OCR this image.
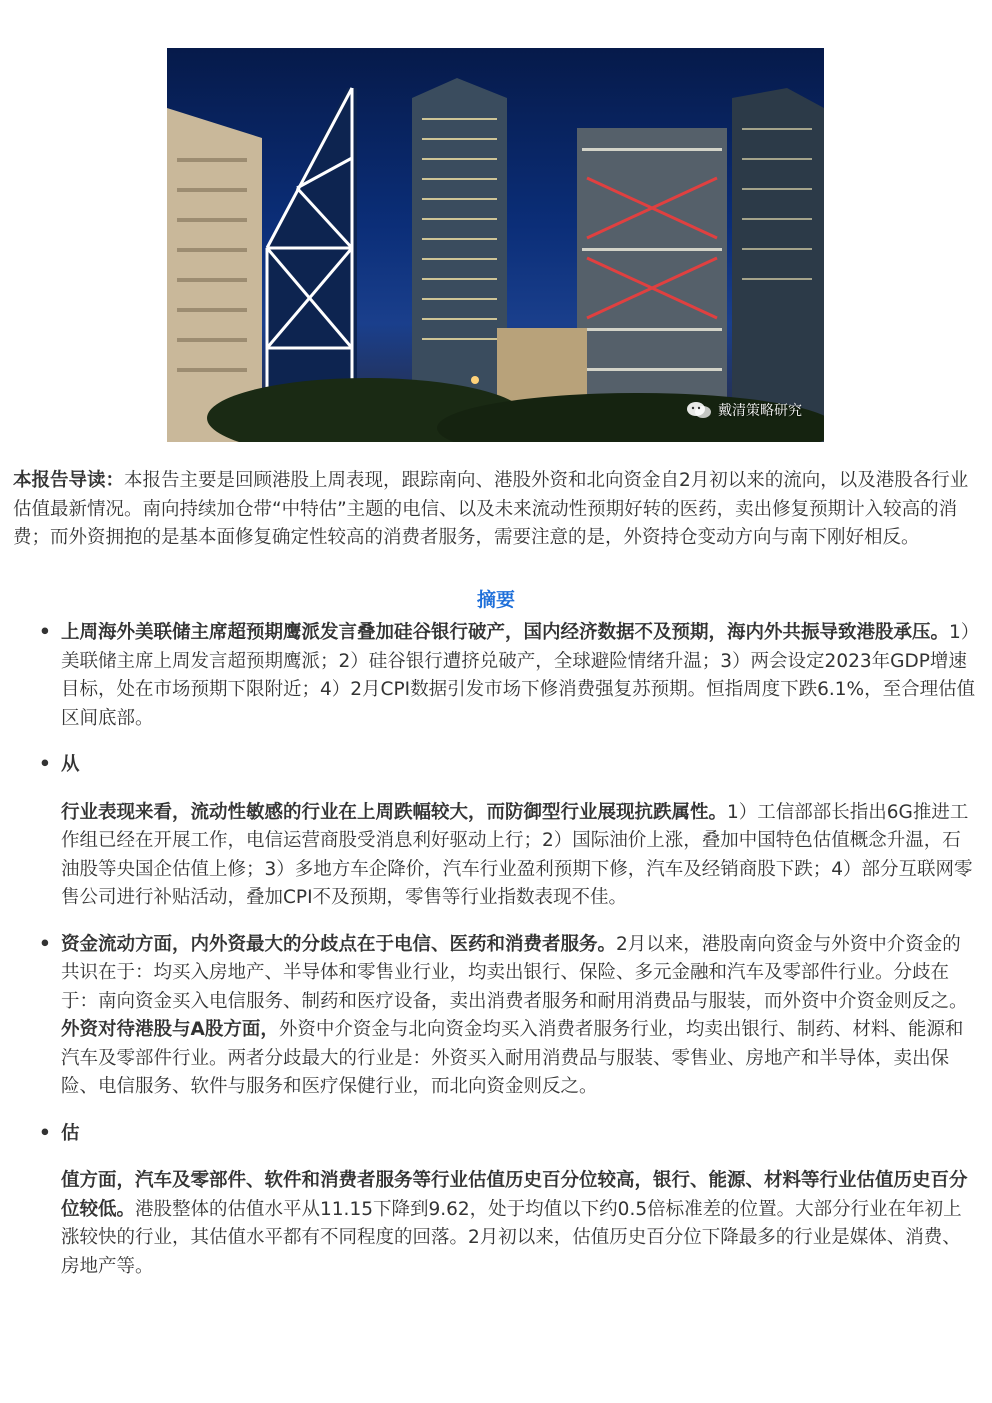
戴清策略研究

本报告导读：本报告主要是回顾港股上周表现，跟踪南向、港股外资和北向资金自2月初以来的流向，以及港股各行业估值最新情况。南向持续加仓带“中特估”主题的电信、以及未来流动性预期好转的医药，卖出修复预期计入较高的消费；而外资拥抱的是基本面修复确定性较高的消费者服务，需要注意的是，外资持仓变动方向与南下刚好相反。

摘要
• 上周海外美联储主席超预期鹰派发言叠加硅谷银行破产，国内经济数据不及预期，海内外共振导致港股承压。1）美联储主席上周发言超预期鹰派；2）硅谷银行遭挤兑破产，全球避险情绪升温；3）两会设定2023年GDP增速目标，处在市场预期下限附近；4）2月CPI数据引发市场下修消费强复苏预期。恒指周度下跌6.1%，至合理估值区间底部。
• 从
行业表现来看，流动性敏感的行业在上周跌幅较大，而防御型行业展现抗跌属性。1）工信部部长指出6G推进工作组已经在开展工作，电信运营商股受消息利好驱动上行；2）国际油价上涨，叠加中国特色估值概念升温，石油股等央国企估值上修；3）多地方车企降价，汽车行业盈利预期下修，汽车及经销商股下跌；4）部分互联网零售公司进行补贴活动，叠加CPI不及预期，零售等行业指数表现不佳。
• 资金流动方面，内外资最大的分歧点在于电信、医药和消费者服务。2月以来，港股南向资金与外资中介资金的共识在于：均买入房地产、半导体和零售业行业，均卖出银行、保险、多元金融和汽车及零部件行业。分歧在于：南向资金买入电信服务、制药和医疗设备，卖出消费者服务和耐用消费品与服装，而外资中介资金则反之。外资对待港股与A股方面，外资中介资金与北向资金均买入消费者服务行业，均卖出银行、制药、材料、能源和汽车及零部件行业。两者分歧最大的行业是：外资买入耐用消费品与服装、零售业、房地产和半导体，卖出保险、电信服务、软件与服务和医疗保健行业，而北向资金则反之。
• 估
值方面，汽车及零部件、软件和消费者服务等行业估值历史百分位较高，银行、能源、材料等行业估值历史百分位较低。港股整体的估值水平从11.15下降到9.62，处于均值以下约0.5倍标准差的位置。大部分行业在年初上涨较快的行业，其估值水平都有不同程度的回落。2月初以来，估值历史百分位下降最多的行业是媒体、消费、房地产等。
